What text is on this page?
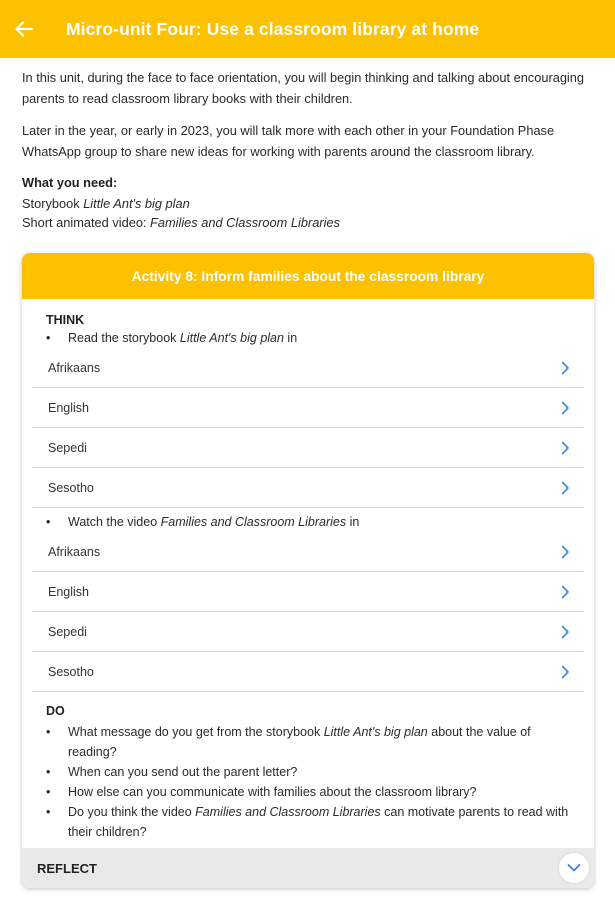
Micro-unit Four: Use a classroom library at home

In this unit, during the face to face orientation, you will begin thinking and talking about encouraging parents to read classroom library books with their children.

Later in the year, or early in 2023, you will talk more with each other in your Foundation Phase WhatsApp group to share new ideas for working with parents around the classroom library.

What you need:
Storybook Little Ant's big plan
Short animated video: Families and Classroom Libraries
Activity 8: Inform families about the classroom library
THINK
•	Read the storybook Little Ant's big plan in
Afrikaans
English
Sepedi
Sesotho
•	Watch the video Families and Classroom Libraries in
Afrikaans
English
Sepedi
Sesotho
DO
•	What message do you get from the storybook Little Ant's big plan about the value of reading?
•	When can you send out the parent letter?
•	How else can you communicate with families about the classroom library?
•	Do you think the video Families and Classroom Libraries can motivate parents to read with their children?
REFLECT
